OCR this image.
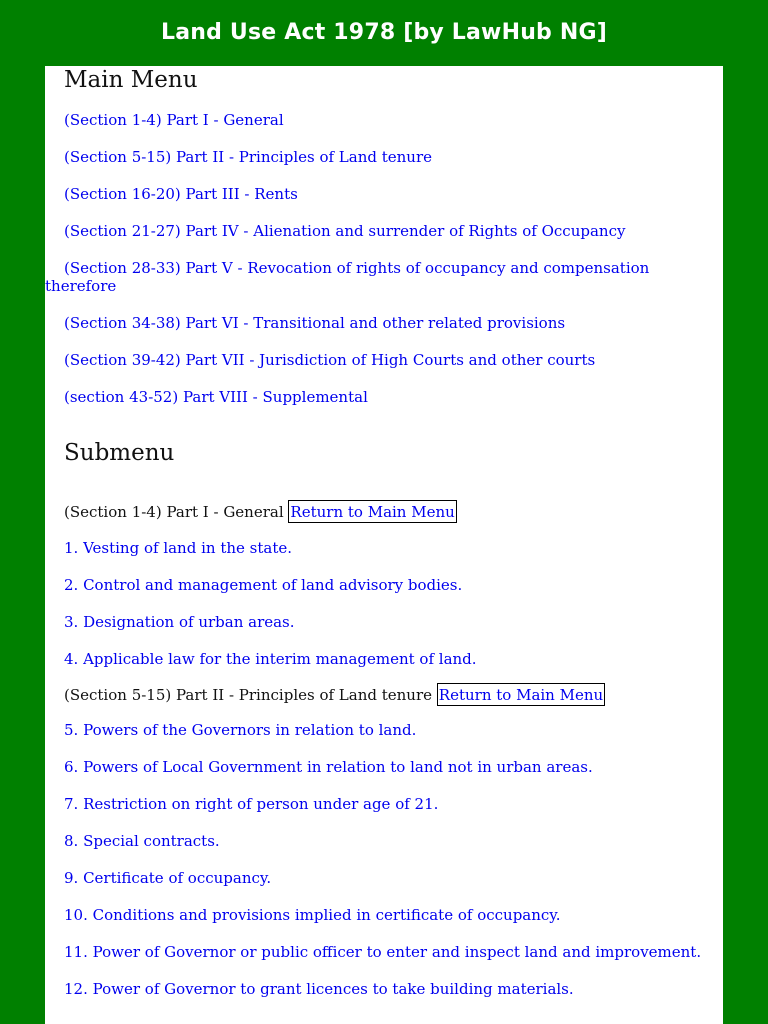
Land Use Act 1978 [by LawHub NG]
Main Menu
(Section 1-4) Part I - General
(Section 5-15) Part II - Principles of Land tenure
(Section 16-20) Part III - Rents
(Section 21-27) Part IV - Alienation and surrender of Rights of Occupancy
(Section 28-33) Part V - Revocation of rights of occupancy and compensation therefore
(Section 34-38) Part VI - Transitional and other related provisions
(Section 39-42) Part VII - Jurisdiction of High Courts and other courts
(section 43-52) Part VIII - Supplemental
Submenu
(Section 1-4) Part I - General Return to Main Menu
1. Vesting of land in the state.
2. Control and management of land advisory bodies.
3. Designation of urban areas.
4. Applicable law for the interim management of land.
(Section 5-15) Part II - Principles of Land tenure Return to Main Menu
5. Powers of the Governors in relation to land.
6. Powers of Local Government in relation to land not in urban areas.
7. Restriction on right of person under age of 21.
8. Special contracts.
9. Certificate of occupancy.
10. Conditions and provisions implied in certificate of occupancy.
11. Power of Governor or public officer to enter and inspect land and improvement.
12. Power of Governor to grant licences to take building materials.
